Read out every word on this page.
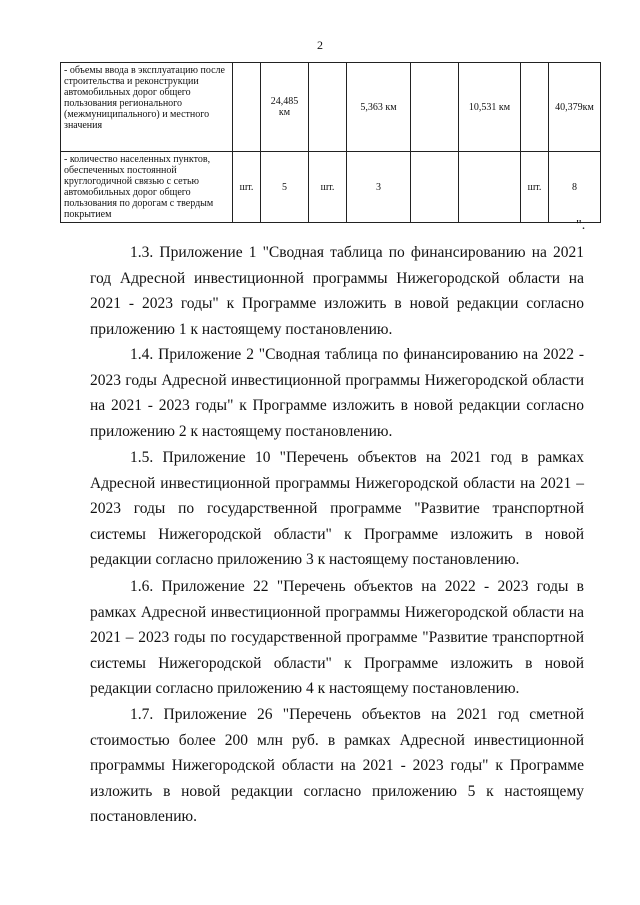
2
- объемы ввода в эксплуатацию после строительства и реконструкции автомобильных дорог общего пользования регионального (межмуниципального) и местного значения		24,485 км		5,363 км		10,531 км		40,379км
- количество населенных пунктов, обеспеченных постоянной круглогодичной связью с сетью автомобильных дорог общего пользования по дорогам с твердым покрытием	шт.	5	шт.	3			шт.	8
".

1.3. Приложение 1 "Сводная таблица по финансированию на 2021 год Адресной инвестиционной программы Нижегородской области на 2021 - 2023 годы" к Программе изложить в новой редакции согласно приложению 1 к настоящему постановлению.

1.4. Приложение 2 "Сводная таблица по финансированию на 2022 - 2023 годы Адресной инвестиционной программы Нижегородской области на 2021 - 2023 годы" к Программе изложить в новой редакции согласно приложению 2 к настоящему постановлению.

1.5. Приложение 10 "Перечень объектов на 2021 год в рамках Адресной инвестиционной программы Нижегородской области на 2021 – 2023 годы по государственной программе "Развитие транспортной системы Нижегородской области" к Программе изложить в новой редакции согласно приложению 3 к настоящему постановлению.

1.6. Приложение 22 "Перечень объектов на 2022 - 2023 годы в рамках Адресной инвестиционной программы Нижегородской области на 2021 – 2023 годы по государственной программе "Развитие транспортной системы Нижегородской области" к Программе изложить в новой редакции согласно приложению 4 к настоящему постановлению.

1.7. Приложение 26 "Перечень объектов на 2021 год сметной стоимостью более 200 млн руб. в рамках Адресной инвестиционной программы Нижегородской области на 2021 - 2023 годы" к Программе изложить в новой редакции согласно приложению 5 к настоящему постановлению.
